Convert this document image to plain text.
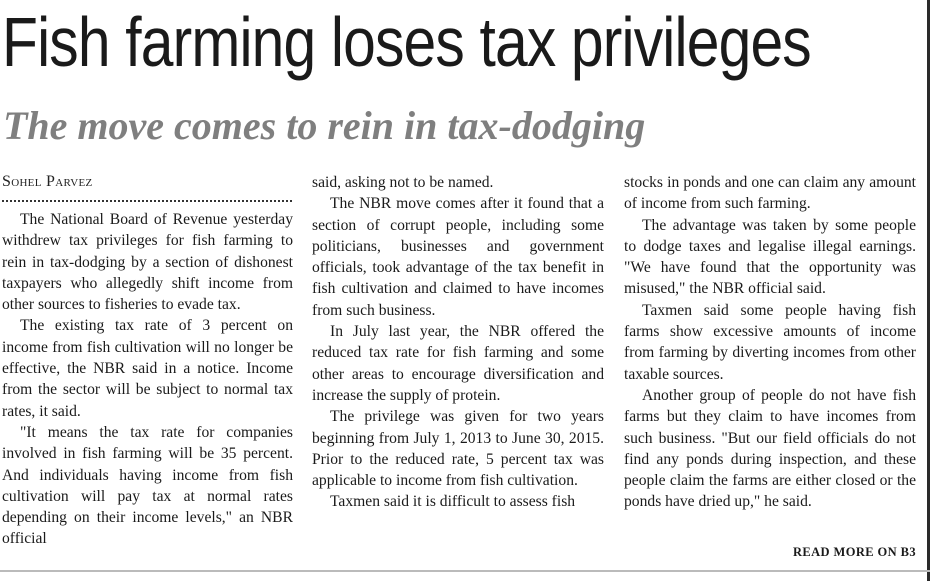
Fish farming loses tax privileges
The move comes to rein in tax-dodging
Sohel Parvez

The National Board of Revenue yesterday withdrew tax privileges for fish farming to rein in tax-dodging by a section of dishonest taxpayers who allegedly shift income from other sources to fisheries to evade tax.

The existing tax rate of 3 percent on income from fish cultivation will no longer be effective, the NBR said in a notice. Income from the sector will be subject to normal tax rates, it said.

"It means the tax rate for companies involved in fish farming will be 35 percent. And individuals having income from fish cultivation will pay tax at normal rates depending on their income levels," an NBR official

said, asking not to be named.

The NBR move comes after it found that a section of corrupt people, including some politicians, businesses and government officials, took advantage of the tax benefit in fish cultivation and claimed to have incomes from such business.

In July last year, the NBR offered the reduced tax rate for fish farming and some other areas to encourage diversification and increase the supply of protein.

The privilege was given for two years beginning from July 1, 2013 to June 30, 2015. Prior to the reduced rate, 5 percent tax was applicable to income from fish cultivation.

Taxmen said it is difficult to assess fish

stocks in ponds and one can claim any amount of income from such farming.

The advantage was taken by some people to dodge taxes and legalise illegal earnings. "We have found that the opportunity was misused," the NBR official said.

Taxmen said some people having fish farms show excessive amounts of income from farming by diverting incomes from other taxable sources.

Another group of people do not have fish farms but they claim to have incomes from such business. "But our field officials do not find any ponds during inspection, and these people claim the farms are either closed or the ponds have dried up," he said.

READ MORE ON B3
